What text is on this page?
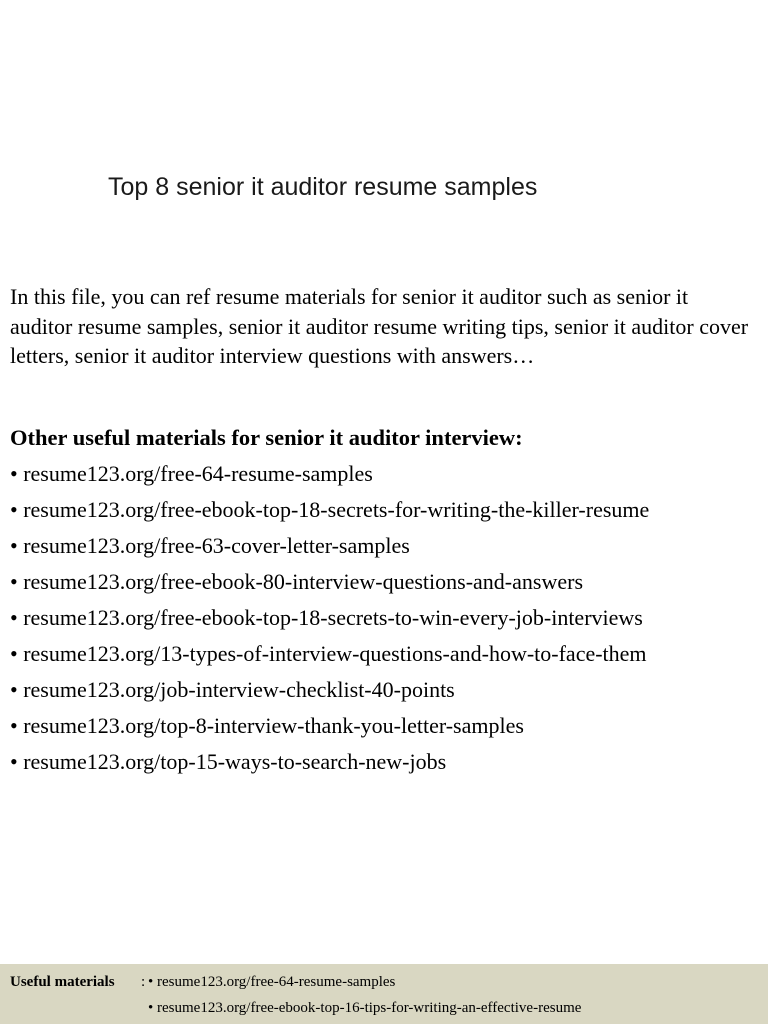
Top 8 senior it auditor resume samples

In this file, you can ref resume materials for senior it auditor such as senior it auditor resume samples, senior it auditor resume writing tips, senior it auditor cover letters, senior it auditor interview questions with answers…

Other useful materials for senior it auditor interview:

• resume123.org/free-64-resume-samples
• resume123.org/free-ebook-top-18-secrets-for-writing-the-killer-resume
• resume123.org/free-63-cover-letter-samples
• resume123.org/free-ebook-80-interview-questions-and-answers
• resume123.org/free-ebook-top-18-secrets-to-win-every-job-interviews
• resume123.org/13-types-of-interview-questions-and-how-to-face-them
• resume123.org/job-interview-checklist-40-points
• resume123.org/top-8-interview-thank-you-letter-samples
• resume123.org/top-15-ways-to-search-new-jobs
Useful materials : • resume123.org/free-64-resume-samples
• resume123.org/free-ebook-top-16-tips-for-writing-an-effective-resume
